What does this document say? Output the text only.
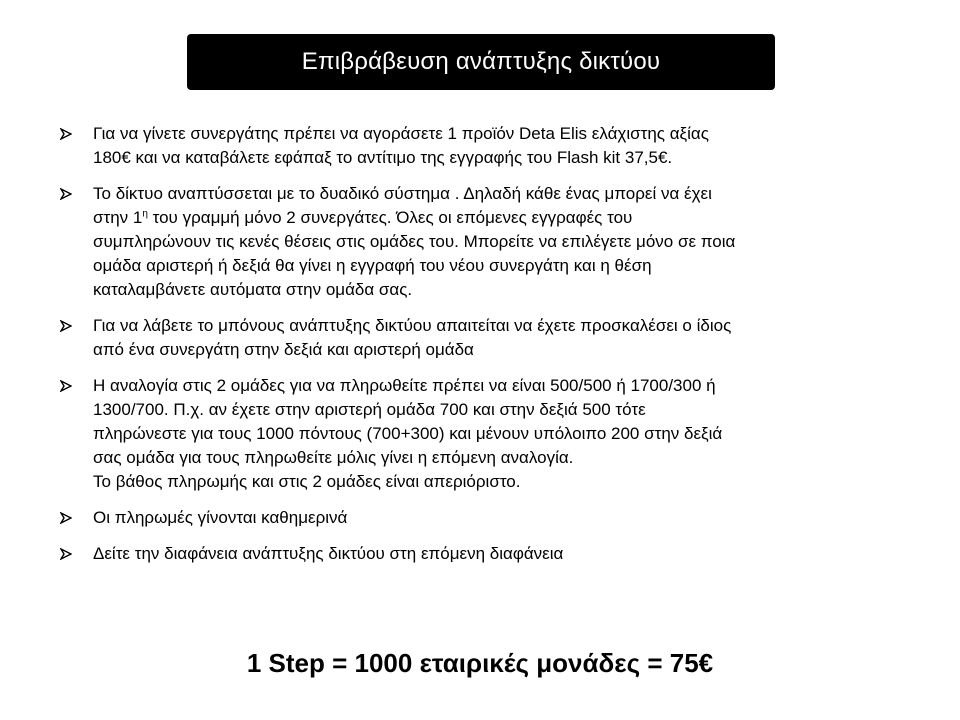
Επιβράβευση ανάπτυξης δικτύου
Για να γίνετε συνεργάτης πρέπει να αγοράσετε 1 προϊόν Deta Elis ελάχιστης αξίας
180€ και να καταβάλετε εφάπαξ το αντίτιμο της εγγραφής του Flash kit 37,5€.
Το δίκτυο αναπτύσσεται με το δυαδικό σύστημα . Δηλαδή κάθε ένας μπορεί να έχει
στην $1^\eta$ του γραμμή μόνο 2 συνεργάτες. Όλες οι επόμενες εγγραφές του
συμπληρώνουν τις κενές θέσεις στις ομάδες του. Μπορείτε να επιλέγετε μόνο σε ποια
ομάδα αριστερή ή δεξιά θα γίνει η εγγραφή του νέου συνεργάτη και η θέση
καταλαμβάνετε αυτόματα στην ομάδα σας.
Για να λάβετε το μπόνους ανάπτυξης δικτύου απαιτείται να έχετε προσκαλέσει ο ίδιος
από ένα συνεργάτη στην δεξιά και αριστερή ομάδα
Η αναλογία στις 2 ομάδες για να πληρωθείτε πρέπει να είναι 500/500 ή 1700/300 ή
1300/700. Π.χ. αν έχετε στην αριστερή ομάδα 700 και στην δεξιά 500 τότε
πληρώνεστε για τους 1000 πόντους (700+300) και μένουν υπόλοιπο 200 στην δεξιά
σας ομάδα για τους πληρωθείτε μόλις γίνει η επόμενη αναλογία.
Το βάθος πληρωμής και στις 2 ομάδες είναι απεριόριστο.
Οι πληρωμές γίνονται καθημερινά
Δείτε την διαφάνεια ανάπτυξης δικτύου στη επόμενη διαφάνεια
1 Step = 1000 εταιρικές μονάδες = 75€
